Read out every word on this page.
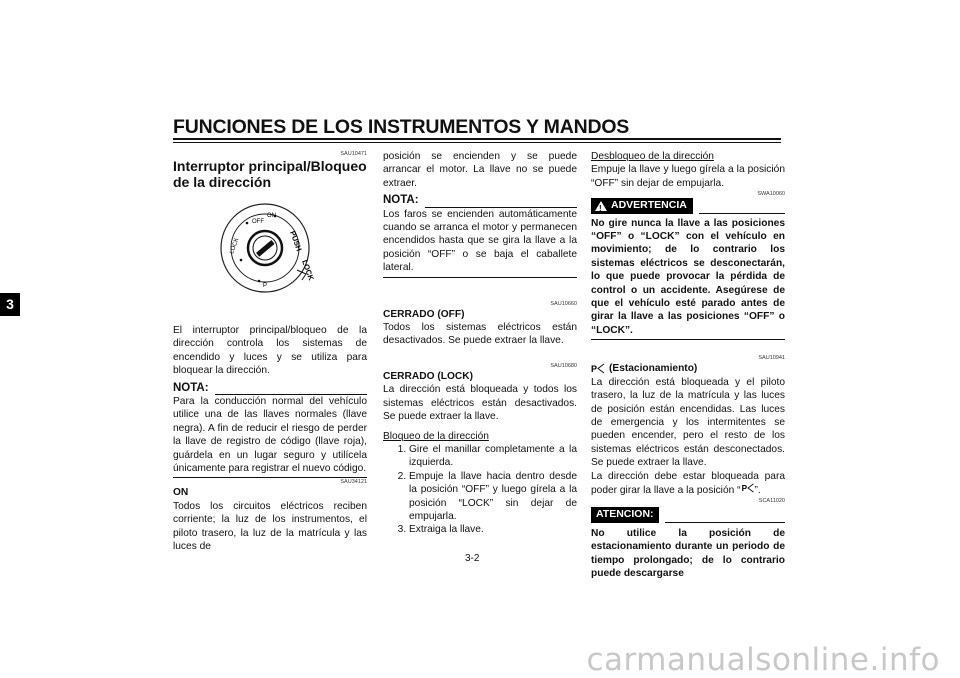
FUNCIONES DE LOS INSTRUMENTOS Y MANDOS
3
SAU10471
Interruptor principal/Bloqueo de la dirección
OFF
ON
LOCK
P
PUSH
LOCK

El interruptor principal/bloqueo de la dirección controla los sistemas de encendido y luces y se utiliza para bloquear la dirección.

NOTA:

Para la conducción normal del vehículo utilice una de las llaves normales (llave negra). A fin de reducir el riesgo de perder la llave de registro de código (llave roja), guárdela en un lugar seguro y utilícela únicamente para registrar el nuevo código.

SAU34121
ON

Todos los circuitos eléctricos reciben corriente; la luz de los instrumentos, el piloto trasero, la luz de la matrícula y las luces de

posición se encienden y se puede arrancar el motor. La llave no se puede extraer.

NOTA:

Los faros se encienden automáticamente cuando se arranca el motor y permanecen encendidos hasta que se gira la llave a la posición “OFF” o se baja el caballete lateral.

SAU10660
CERRADO (OFF)

Todos los sistemas eléctricos están desactivados. Se puede extraer la llave.

SAU10680
CERRADO (LOCK)

La dirección está bloqueada y todos los sistemas eléctricos están desactivados. Se puede extraer la llave.

Bloqueo de la dirección
1. Gire el manillar completamente a la izquierda.
2. Empuje la llave hacia dentro desde la posición “OFF” y luego gírela a la posición “LOCK” sin dejar de empujarla.
3. Extraiga la llave.
Desbloqueo de la dirección

Empuje la llave y luego gírela a la posición “OFF” sin dejar de empujarla.

SWA10060
! ADVERTENCIA

No gire nunca la llave a las posiciones “OFF” o “LOCK” con el vehículo en movimiento; de lo contrario los sistemas eléctricos se desconectarán, lo que puede provocar la pérdida de control o un accidente. Asegúrese de que el vehículo esté parado antes de girar la llave a las posiciones “OFF” o “LOCK”.

SAU10941
P (Estacionamiento)

La dirección está bloqueada y el piloto trasero, la luz de la matrícula y las luces de posición están encendidas. Las luces de emergencia y los intermitentes se pueden encender, pero el resto de los sistemas eléctricos están desconectados. Se puede extraer la llave.

La dirección debe estar bloqueada para poder girar la llave a la posición “ P ”.

SCA11020
ATENCION:

No utilice la posición de estacionamiento durante un periodo de tiempo prolongado; de lo contrario puede descargarse

3-2
carmanualsonline.info
